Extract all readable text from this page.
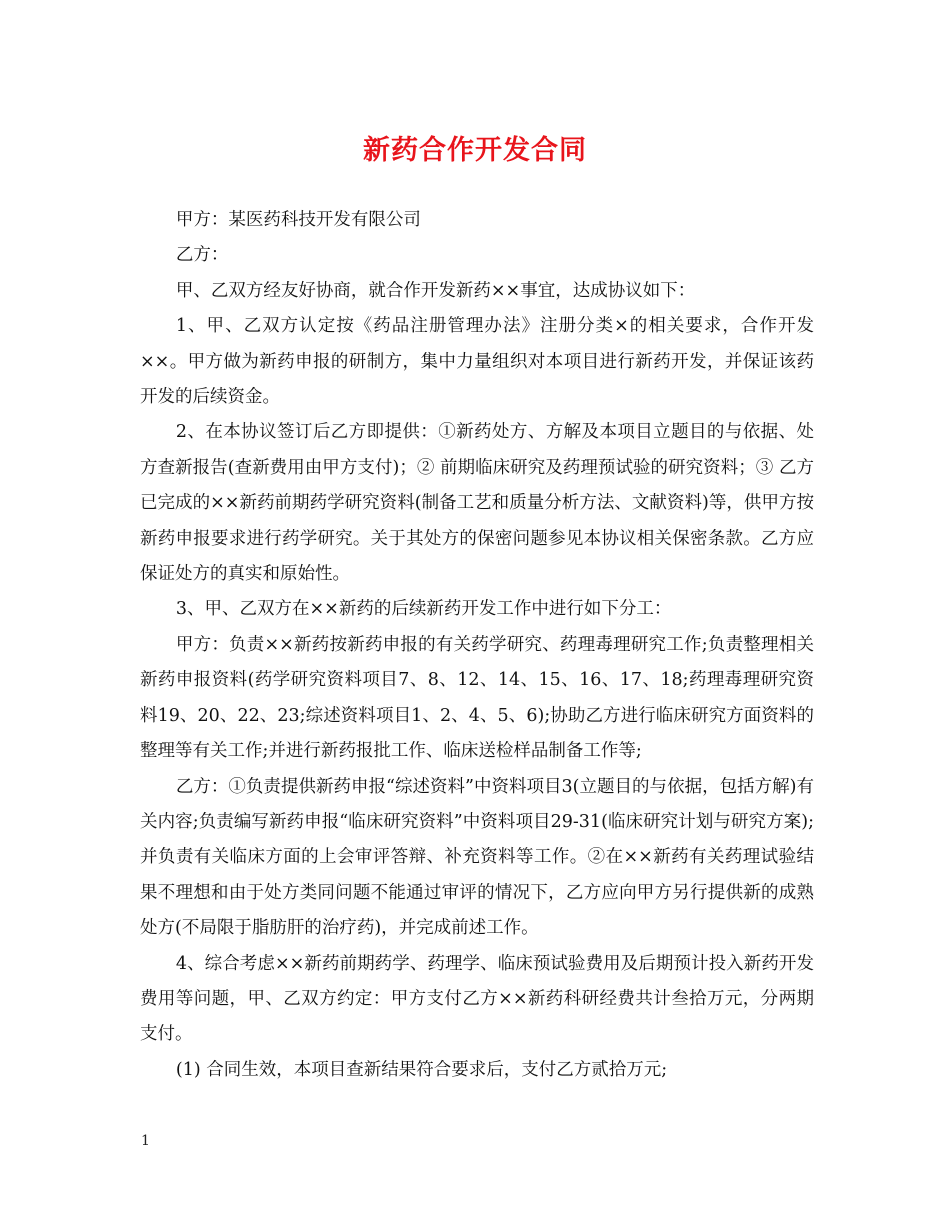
新药合作开发合同

甲方：某医药科技开发有限公司

乙方：

甲、乙双方经友好协商，就合作开发新药××事宜，达成协议如下：

1、甲、乙双方认定按《药品注册管理办法》注册分类×的相关要求，合作开发××。甲方做为新药申报的研制方，集中力量组织对本项目进行新药开发，并保证该药开发的后续资金。

2、在本协议签订后乙方即提供：①新药处方、方解及本项目立题目的与依据、处方查新报告(查新费用由甲方支付)；② 前期临床研究及药理预试验的研究资料；③ 乙方已完成的××新药前期药学研究资料(制备工艺和质量分析方法、文献资料)等，供甲方按新药申报要求进行药学研究。关于其处方的保密问题参见本协议相关保密条款。乙方应保证处方的真实和原始性。

3、甲、乙双方在××新药的后续新药开发工作中进行如下分工：

甲方：负责××新药按新药申报的有关药学研究、药理毒理研究工作;负责整理相关新药申报资料(药学研究资料项目7、8、12、14、15、16、17、18;药理毒理研究资料19、20、22、23;综述资料项目1、2、4、5、6);协助乙方进行临床研究方面资料的整理等有关工作;并进行新药报批工作、临床送检样品制备工作等;

乙方：①负责提供新药申报“综述资料”中资料项目3(立题目的与依据，包括方解)有关内容;负责编写新药申报“临床研究资料”中资料项目29-31(临床研究计划与研究方案);并负责有关临床方面的上会审评答辩、补充资料等工作。②在××新药有关药理试验结果不理想和由于处方类同问题不能通过审评的情况下，乙方应向甲方另行提供新的成熟处方(不局限于脂肪肝的治疗药)，并完成前述工作。

4、综合考虑××新药前期药学、药理学、临床预试验费用及后期预计投入新药开发费用等问题，甲、乙双方约定：甲方支付乙方××新药科研经费共计叁拾万元，分两期支付。

(1) 合同生效，本项目查新结果符合要求后，支付乙方贰拾万元;

1
